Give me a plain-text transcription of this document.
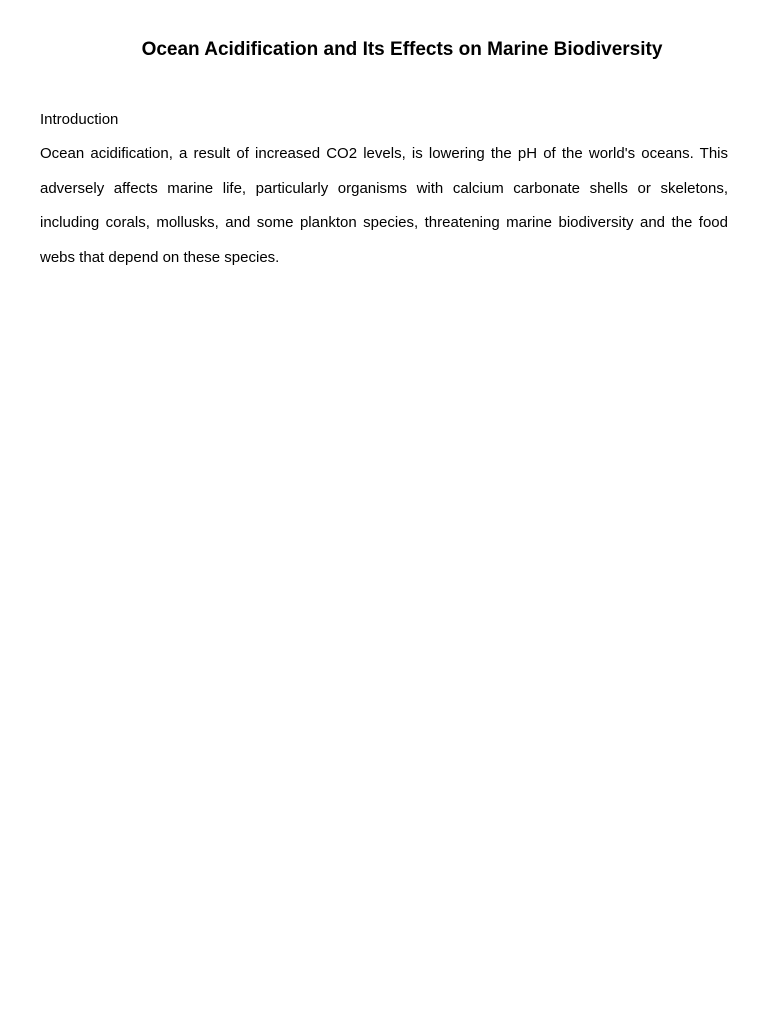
Ocean Acidification and Its Effects on Marine Biodiversity
Introduction

Ocean acidification, a result of increased CO2 levels, is lowering the pH of the world's oceans. This adversely affects marine life, particularly organisms with calcium carbonate shells or skeletons, including corals, mollusks, and some plankton species, threatening marine biodiversity and the food webs that depend on these species.
